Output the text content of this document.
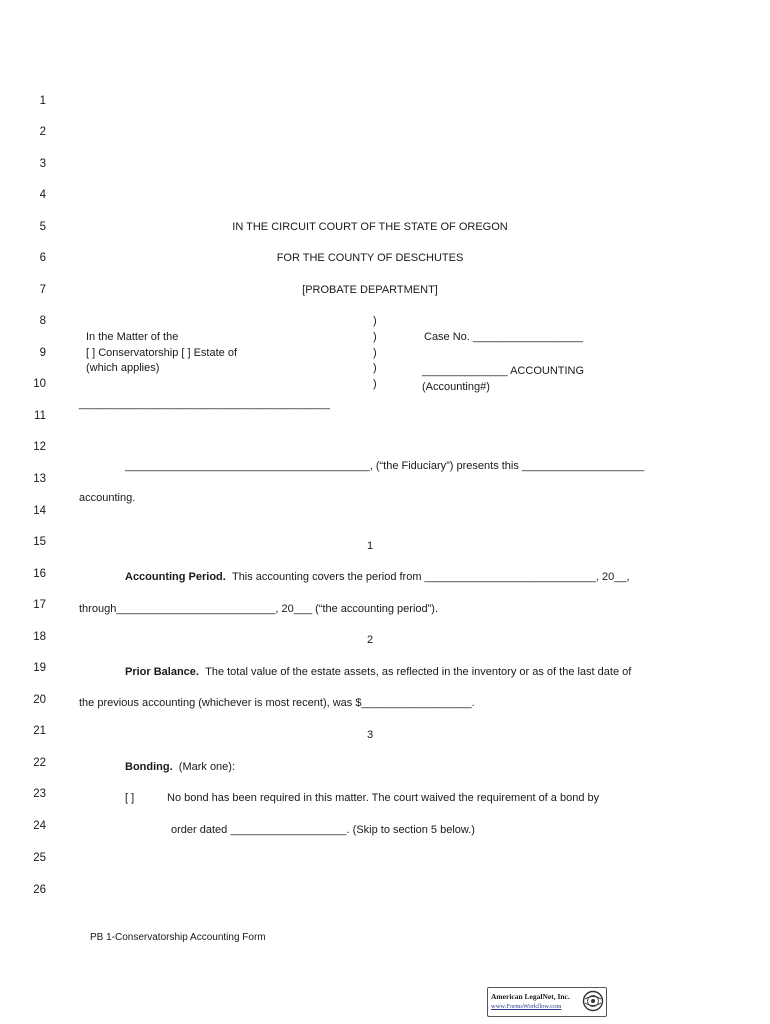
1
2
3
4
5
6
7
8
9
10
11
12
13
14
15
16
17
18
19
20
21
22
23
24
25
26
IN THE CIRCUIT COURT OF THE STATE OF OREGON
FOR THE COUNTY OF DESCHUTES
[PROBATE DEPARTMENT]
In the Matter of the
[ ] Conservatorship [ ] Estate of
(which applies)
)
)
)
)
)
Case No. __________________
______________ ACCOUNTING
(Accounting#)
_________________________________________
________________________________________, (“the Fiduciary”) presents this ____________________
accounting.
1
Accounting Period. This accounting covers the period from ____________________________, 20__,
through__________________________, 20___ (“the accounting period”).
2
Prior Balance. The total value of the estate assets, as reflected in the inventory or as of the last date of
the previous accounting (whichever is most recent), was $__________________.
3
Bonding. (Mark one):
[ ]	No bond has been required in this matter. The court waived the requirement of a bond by
order dated ___________________. (Skip to section 5 below.)
PB 1-Conservatorship Accounting Form
American LegalNet, Inc.
www.FormsWorkflow.com
